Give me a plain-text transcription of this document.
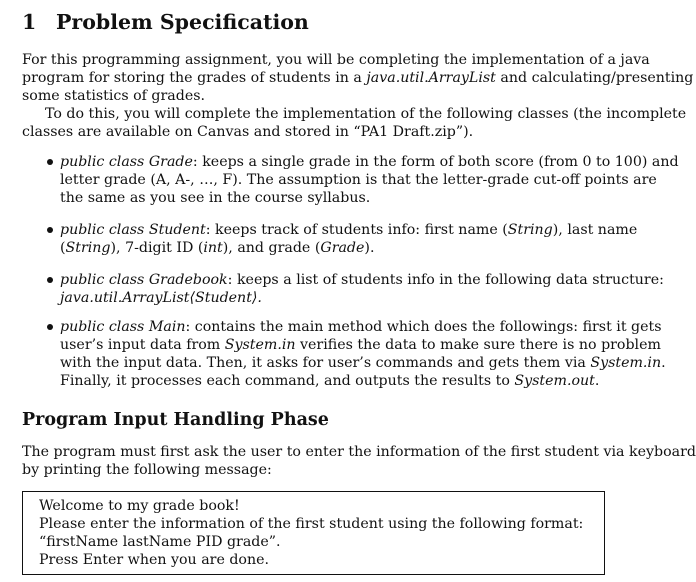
1 Problem Specification
For this programming assignment, you will be completing the implementation of a java
program for storing the grades of students in a java.util.ArrayList and calculating/presenting
some statistics of grades.
To do this, you will complete the implementation of the following classes (the incomplete
classes are available on Canvas and stored in “PA1 Draft.zip”).
public class Grade: keeps a single grade in the form of both score (from 0 to 100) and
letter grade (A, A-, …, F). The assumption is that the letter-grade cut-off points are
the same as you see in the course syllabus.
public class Student: keeps track of students info: first name (String), last name
(String), 7-digit ID (int), and grade (Grade).
public class Gradebook: keeps a list of students info in the following data structure:
java.util.ArrayList⟨Student⟩.
public class Main: contains the main method which does the followings: first it gets
user’s input data from System.in verifies the data to make sure there is no problem
with the input data. Then, it asks for user’s commands and gets them via System.in.
Finally, it processes each command, and outputs the results to System.out.
Program Input Handling Phase
The program must first ask the user to enter the information of the first student via keyboard
by printing the following message:
Welcome to my grade book!
Please enter the information of the first student using the following format:
“firstName lastName PID grade”.
Press Enter when you are done.
